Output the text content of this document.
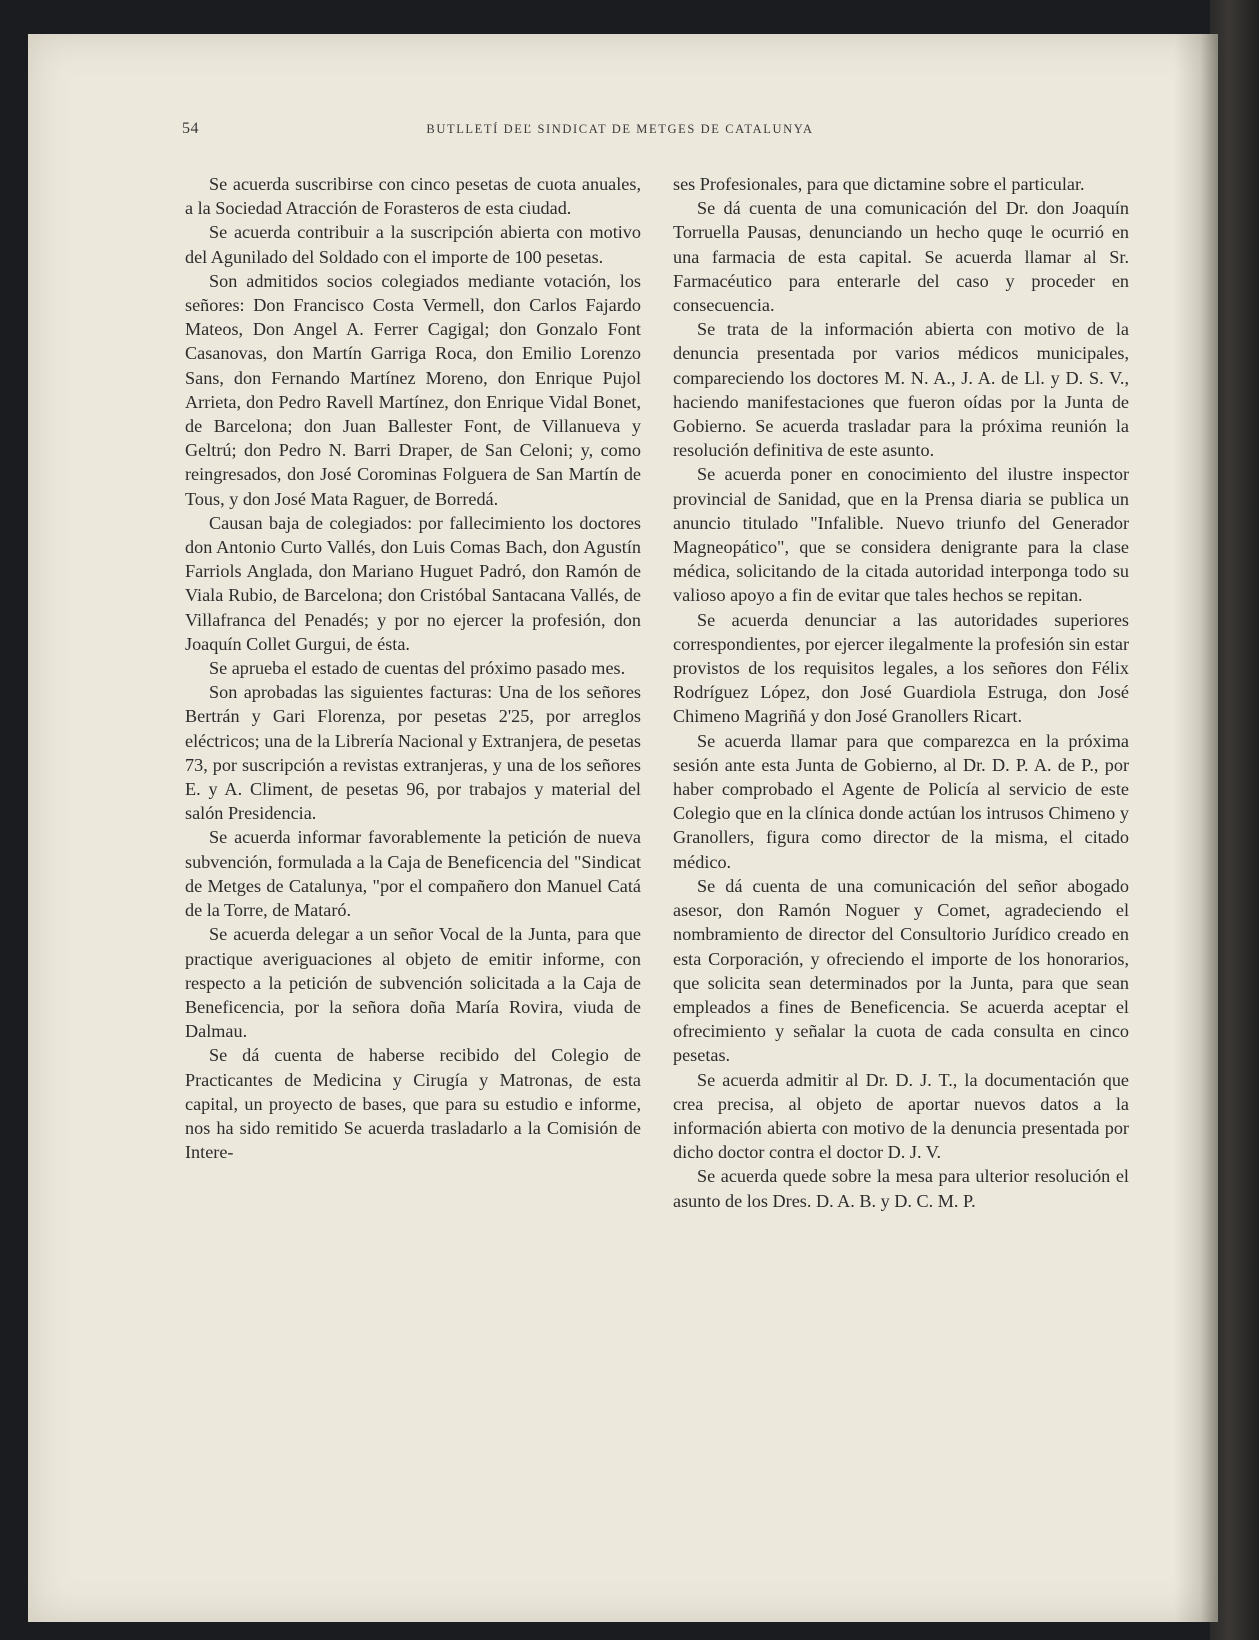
54	BUTLLETÍ DEĽ SINDICAT DE METGES DE CATALUNYA

Se acuerda suscribirse con cinco pesetas de cuota anuales, a la Sociedad Atracción de Forasteros de esta ciudad.

Se acuerda contribuir a la suscripción abierta con motivo del Agunilado del Soldado con el importe de 100 pesetas.

Son admitidos socios colegiados mediante votación, los señores: Don Francisco Costa Vermell, don Carlos Fajardo Mateos, Don Angel A. Ferrer Cagigal; don Gonzalo Font Casanovas, don Martín Garriga Roca, don Emilio Lorenzo Sans, don Fernando Martínez Moreno, don Enrique Pujol Arrieta, don Pedro Ravell Martínez, don Enrique Vidal Bonet, de Barcelona; don Juan Ballester Font, de Villanueva y Geltrú; don Pedro N. Barri Draper, de San Celoni; y, como reingresados, don José Corominas Folguera de San Martín de Tous, y don José Mata Raguer, de Borredá.

Causan baja de colegiados: por fallecimiento los doctores don Antonio Curto Vallés, don Luis Comas Bach, don Agustín Farriols Anglada, don Mariano Huguet Padró, don Ramón de Viala Rubio, de Barcelona; don Cristóbal Santacana Vallés, de Villafranca del Penadés; y por no ejercer la profesión, don Joaquín Collet Gurgui, de ésta.

Se aprueba el estado de cuentas del próximo pasado mes.

Son aprobadas las siguientes facturas: Una de los señores Bertrán y Gari Florenza, por pesetas 2'25, por arreglos eléctricos; una de la Librería Nacional y Extranjera, de pesetas 73, por suscripción a revistas extranjeras, y una de los señores E. y A. Climent, de pesetas 96, por trabajos y material del salón Presidencia.

Se acuerda informar favorablemente la petición de nueva subvención, formulada a la Caja de Beneficencia del "Sindicat de Metges de Catalunya, "por el compañero don Manuel Catá de la Torre, de Mataró.

Se acuerda delegar a un señor Vocal de la Junta, para que practique averiguaciones al objeto de emitir informe, con respecto a la petición de subvención solicitada a la Caja de Beneficencia, por la señora doña María Rovira, viuda de Dalmau.

Se dá cuenta de haberse recibido del Colegio de Practicantes de Medicina y Cirugía y Matronas, de esta capital, un proyecto de bases, que para su estudio e informe, nos ha sido remitido Se acuerda trasladarlo a la Comisión de Intere-

ses Profesionales, para que dictamine sobre el particular.

Se dá cuenta de una comunicación del Dr. don Joaquín Torruella Pausas, denunciando un hecho quqe le ocurrió en una farmacia de esta capital. Se acuerda llamar al Sr. Farmacéutico para enterarle del caso y proceder en consecuencia.

Se trata de la información abierta con motivo de la denuncia presentada por varios médicos municipales, compareciendo los doctores M. N. A., J. A. de Ll. y D. S. V., haciendo manifestaciones que fueron oídas por la Junta de Gobierno. Se acuerda trasladar para la próxima reunión la resolución definitiva de este asunto.

Se acuerda poner en conocimiento del ilustre inspector provincial de Sanidad, que en la Prensa diaria se publica un anuncio titulado "Infalible. Nuevo triunfo del Generador Magneopático", que se considera denigrante para la clase médica, solicitando de la citada autoridad interponga todo su valioso apoyo a fin de evitar que tales hechos se repitan.

Se acuerda denunciar a las autoridades superiores correspondientes, por ejercer ilegalmente la profesión sin estar provistos de los requisitos legales, a los señores don Félix Rodríguez López, don José Guardiola Estruga, don José Chimeno Magriñá y don José Granollers Ricart.

Se acuerda llamar para que comparezca en la próxima sesión ante esta Junta de Gobierno, al Dr. D. P. A. de P., por haber comprobado el Agente de Policía al servicio de este Colegio que en la clínica donde actúan los intrusos Chimeno y Granollers, figura como director de la misma, el citado médico.

Se dá cuenta de una comunicación del señor abogado asesor, don Ramón Noguer y Comet, agradeciendo el nombramiento de director del Consultorio Jurídico creado en esta Corporación, y ofreciendo el importe de los honorarios, que solicita sean determinados por la Junta, para que sean empleados a fines de Beneficencia. Se acuerda aceptar el ofrecimiento y señalar la cuota de cada consulta en cinco pesetas.

Se acuerda admitir al Dr. D. J. T., la documentación que crea precisa, al objeto de aportar nuevos datos a la información abierta con motivo de la denuncia presentada por dicho doctor contra el doctor D. J. V.

Se acuerda quede sobre la mesa para ulterior resolución el asunto de los Dres. D. A. B. y D. C. M. P.
